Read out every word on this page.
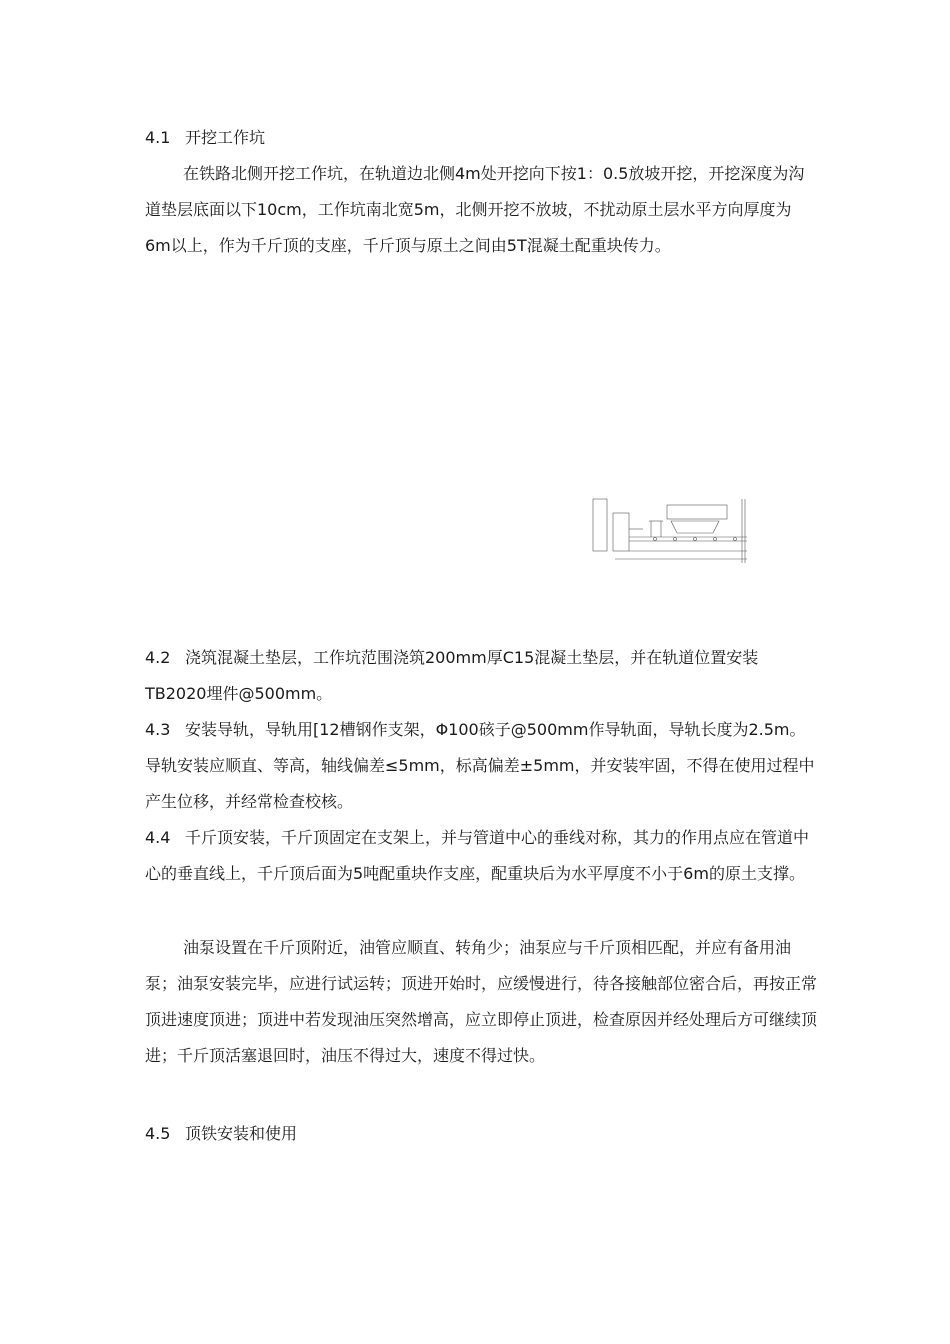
4.1 开挖工作坑

在铁路北侧开挖工作坑，在轨道边北侧4m处开挖向下按1：0.5放坡开挖，开挖深度为沟道垫层底面以下10cm，工作坑南北宽5m，北侧开挖不放坡，不扰动原土层水平方向厚度为6m以上，作为千斤顶的支座，千斤顶与原土之间由5T混凝土配重块传力。

4.2 浇筑混凝土垫层，工作坑范围浇筑200mm厚C15混凝土垫层，并在轨道位置安装TB2020埋件@500mm。

4.3 安装导轨，导轨用[12槽钢作支架，Φ100硋子@500mm作导轨面，导轨长度为2.5m。导轨安装应顺直、等高，轴线偏差≤5mm，标高偏差±5mm，并安装牢固，不得在使用过程中产生位移，并经常检查校核。

4.4 千斤顶安装，千斤顶固定在支架上，并与管道中心的垂线对称，其力的作用点应在管道中心的垂直线上，千斤顶后面为5吨配重块作支座，配重块后为水平厚度不小于6m的原土支撑。

油泵设置在千斤顶附近，油管应顺直、转角少；油泵应与千斤顶相匹配，并应有备用油泵；油泵安装完毕，应进行试运转；顶进开始时，应缓慢进行，待各接触部位密合后，再按正常顶进速度顶进；顶进中若发现油压突然增高，应立即停止顶进，检查原因并经处理后方可继续顶进；千斤顶活塞退回时，油压不得过大，速度不得过快。

4.5 顶铁安装和使用
